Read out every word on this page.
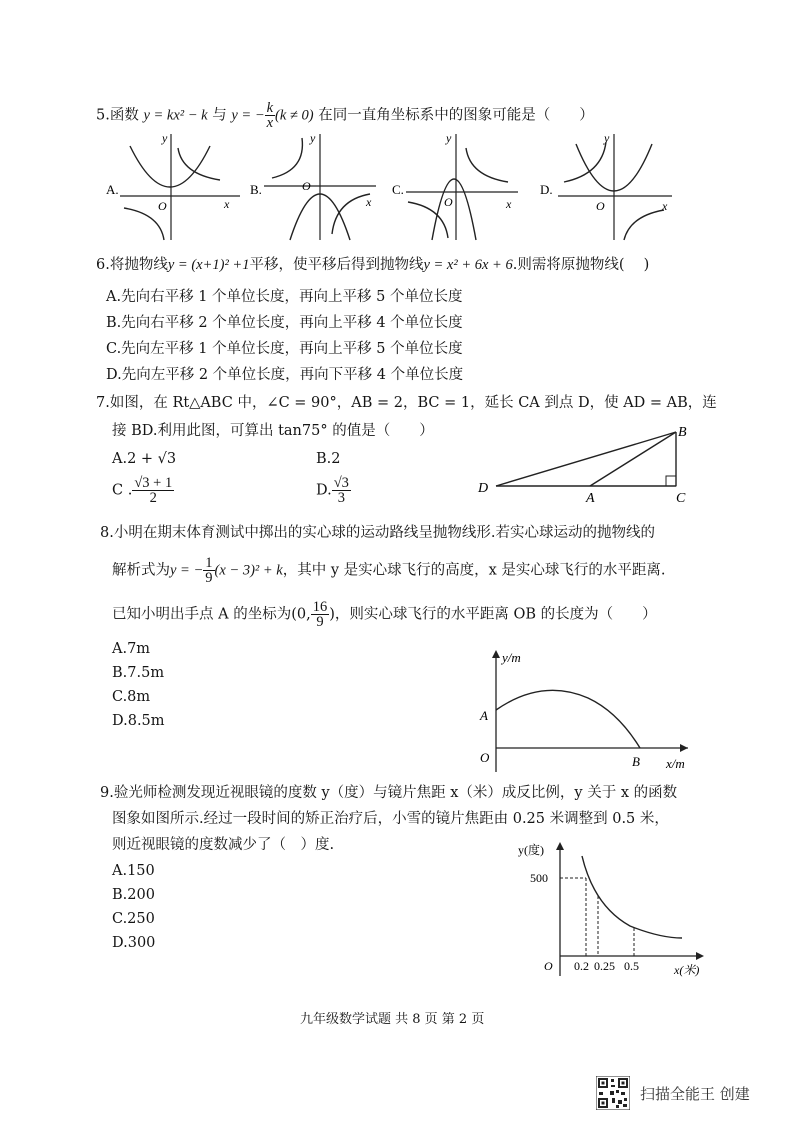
5.函数 y = kx² − k 与 y = − $\frac{k}{x} (k \ne 0)$ 在同一直角坐标系中的图象可能是（　　）
A.
y
x
O
B.
y
x
O	C.
y
x
O
D.
y
x
O
6.将抛物线y = (x+1)² +1平移，使平移后得到抛物线y = x² + 6x + 6.则需将原抛物线(　 )
A.先向右平移 1 个单位长度，再向上平移 5 个单位长度
B.先向右平移 2 个单位长度，再向上平移 4 个单位长度
C.先向左平移 1 个单位长度，再向上平移 5 个单位长度
D.先向左平移 2 个单位长度，再向下平移 4 个单位长度
7.如图，在 Rt△ABC 中，∠C = 90°，AB = 2，BC = 1，延长 CA 到点 D，使 AD = AB，连
接 BD.利用此图，可算出 tan75° 的值是（　　）
A.2 + √3	B.2
C . $\frac{√3 + 1}{2}$	D. $\frac{√3}{3}$	D
A	C
B
8.小明在期末体育测试中掷出的实心球的运动路线呈抛物线形.若实心球运动的抛物线的
解析式为y = − $\frac{1}{9} (x - 3)^2 + k$，其中 y 是实心球飞行的高度，x 是实心球飞行的水平距离.
已知小明出手点 A 的坐标为(0, $\frac{16}{9}$ )，则实心球飞行的水平距离 OB 的长度为（　　）
A.7m
B.7.5m
C.8m
D.8.5m
y/m
x/m
O
A
B
9.验光师检测发现近视眼镜的度数 y（度）与镜片焦距 x（米）成反比例，y 关于 x 的函数
图象如图所示.经过一段时间的矫正治疗后，小雪的镜片焦距由 0.25 米调整到 0.5 米，
则近视眼镜的度数减少了（　）度.
A.150
B.200
C.250
D.300
y(度)
500
O 0.2 0.25 0.5	x(米)
九年级数学试题 共 8 页 第 2 页
扫描全能王 创建
